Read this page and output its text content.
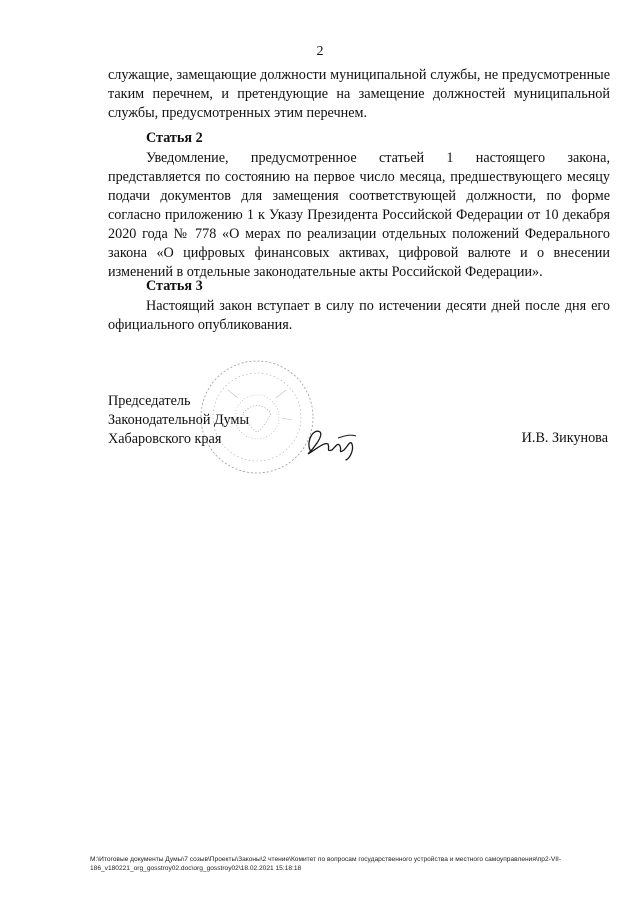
2
служащие, замещающие должности муниципальной службы, не предусмотренные таким перечнем, и претендующие на замещение должностей муниципальной службы, предусмотренных этим перечнем.
Статья 2
Уведомление, предусмотренное статьей 1 настоящего закона, представляется по состоянию на первое число месяца, предшествующего месяцу подачи документов для замещения соответствующей должности, по форме согласно приложению 1 к Указу Президента Российской Федерации от 10 декабря 2020 года № 778 «О мерах по реализации отдельных положений Федерального закона «О цифровых финансовых активах, цифровой валюте и о внесении изменений в отдельные законодательные акты Российской Федерации».
Статья 3
Настоящий закон вступает в силу по истечении десяти дней после дня его официального опубликования.
Председатель
Законодательной Думы
Хабаровского края	И.В. Зикунова
M:\Итоговые документы Думы\7 созыв\Проекты\Законы\2 чтение\Комитет по вопросам государственного устройства и местного самоуправления\пр2-VII-
186_v180221_org_gosstroy02.doc\org_gosstroy02\18.02.2021 15:18:18
